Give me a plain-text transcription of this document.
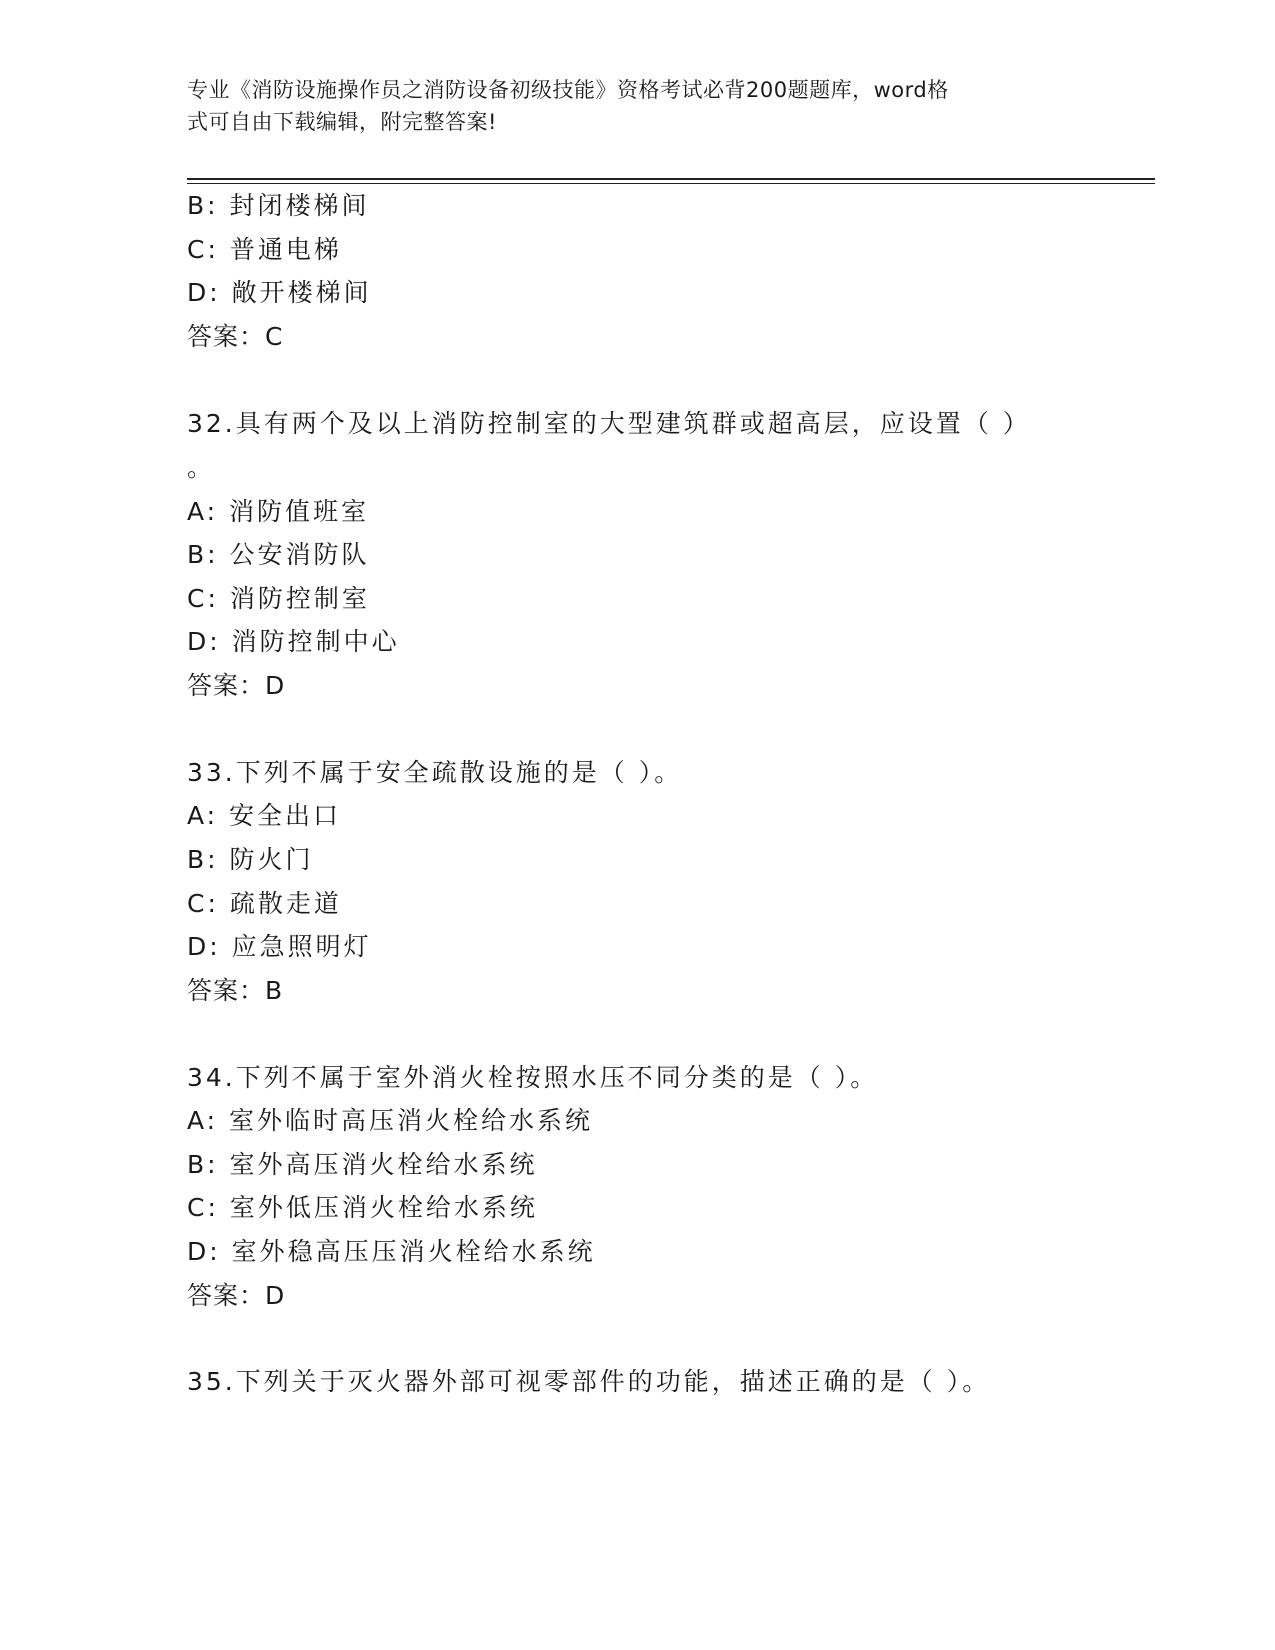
专业《消防设施操作员之消防设备初级技能》资格考试必背200题题库，word格
式可自由下载编辑，附完整答案!
B: 封闭楼梯间
C: 普通电梯
D: 敞开楼梯间
答案：C
32.具有两个及以上消防控制室的大型建筑群或超高层，应设置（ ）
。
A: 消防值班室
B: 公安消防队
C: 消防控制室
D: 消防控制中心
答案：D
33.下列不属于安全疏散设施的是（ ）。
A: 安全出口
B: 防火门
C: 疏散走道
D: 应急照明灯
答案：B
34.下列不属于室外消火栓按照水压不同分类的是（ ）。
A: 室外临时高压消火栓给水系统
B: 室外高压消火栓给水系统
C: 室外低压消火栓给水系统
D: 室外稳高压压消火栓给水系统
答案：D
35.下列关于灭火器外部可视零部件的功能，描述正确的是（ ）。
